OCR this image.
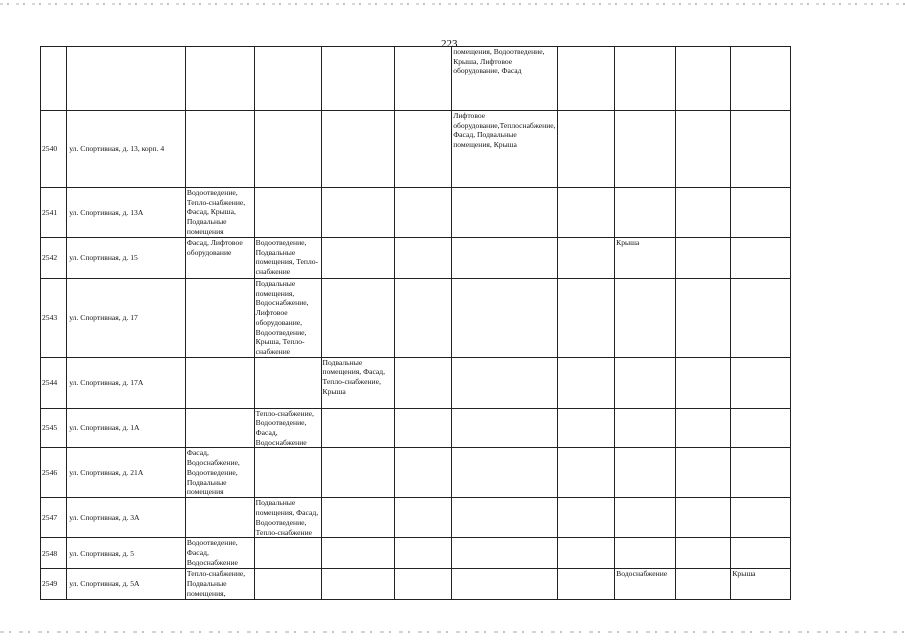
223
						помещения, Водоотведение, Крыша, Лифтовое оборудование, Фасад				
2540	ул. Спортивная, д. 13, корп. 4					Лифтовое оборудование,Теплоснабжение, Фасад, Подвальные помещения, Крыша				
2541	ул. Спортивная, д. 13А	Водоотведение, Тепло-снабжение, Фасад, Крыша, Подвальные помещения								
2542	ул. Спортивная, д. 15	Фасад, Лифтовое оборудование	Водоотведение, Подвальные помещения, Тепло-снабжение					Крыша		
2543	ул. Спортивная, д. 17		Подвальные помещения, Водоснабжение, Лифтовое оборудование, Водоотведение, Крыша, Тепло-снабжение							
2544	ул. Спортивная, д. 17А			Подвальные помещения, Фасад, Тепло-снабжение, Крыша						
2545	ул. Спортивная, д. 1А		Тепло-снабжение, Водоотведение, Фасад, Водоснабжение							
2546	ул. Спортивная, д. 21А	Фасад, Водоснабжение, Водоотведение, Подвальные помещения								
2547	ул. Спортивная, д. 3А		Подвальные помещения, Фасад, Водоотведение, Тепло-снабжение							
2548	ул. Спортивная, д. 5	Водоотведение, Фасад, Водоснабжение								
2549	ул. Спортивная, д. 5А	Тепло-снабжение, Подвальные помещения,						Водоснабжение		Крыша
